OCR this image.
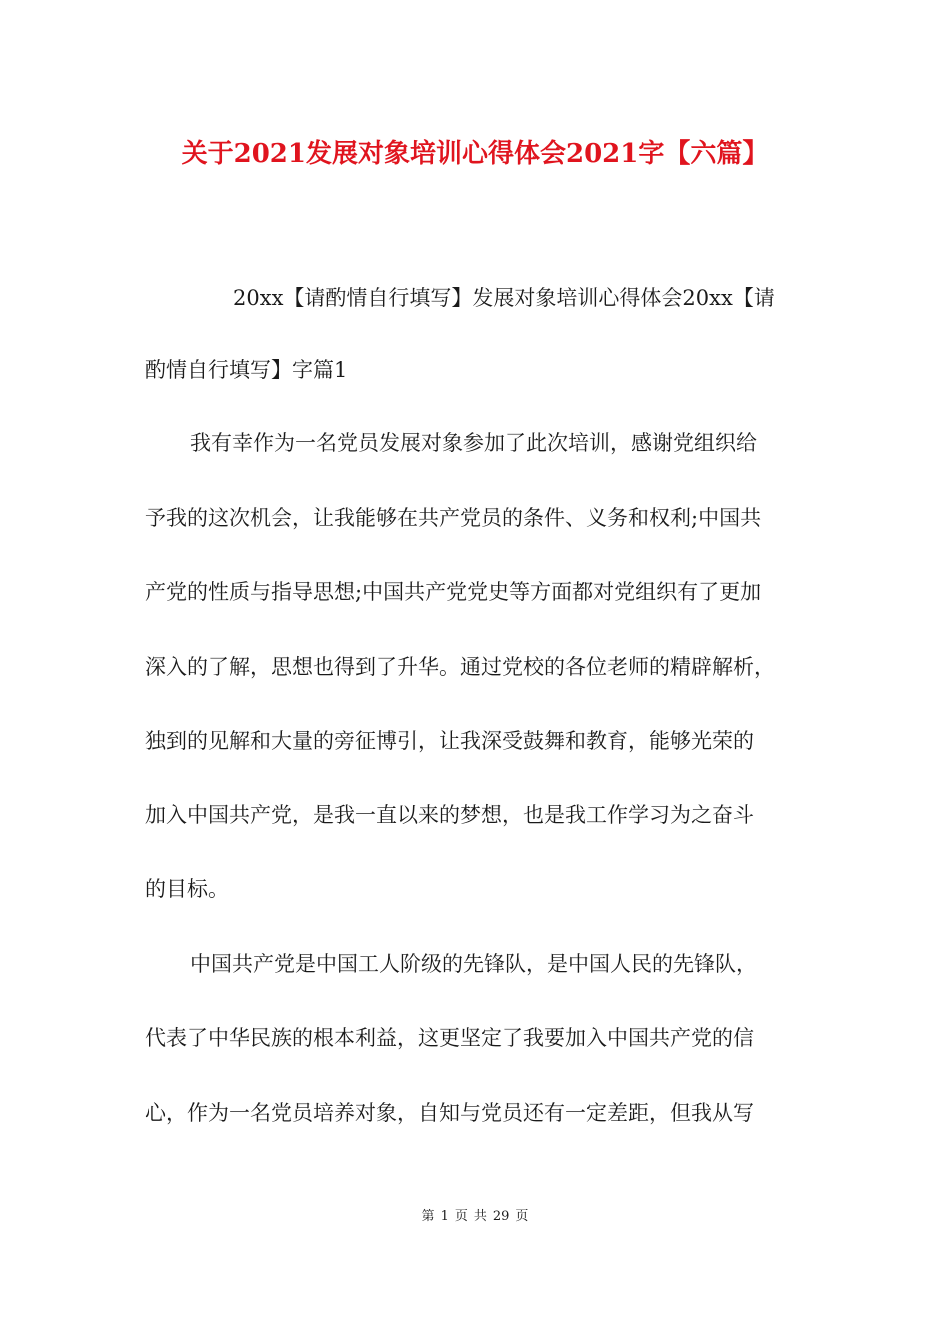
关于2021发展对象培训心得体会2021字【六篇】
20xx【请酌情自行填写】发展对象培训心得体会20xx【请
酌情自行填写】字篇1
我有幸作为一名党员发展对象参加了此次培训，感谢党组织给
予我的这次机会，让我能够在共产党员的条件、义务和权利;中国共
产党的性质与指导思想;中国共产党党史等方面都对党组织有了更加
深入的了解，思想也得到了升华。通过党校的各位老师的精辟解析，
独到的见解和大量的旁征博引，让我深受鼓舞和教育，能够光荣的
加入中国共产党，是我一直以来的梦想，也是我工作学习为之奋斗
的目标。
中国共产党是中国工人阶级的先锋队，是中国人民的先锋队，
代表了中华民族的根本利益，这更坚定了我要加入中国共产党的信
心，作为一名党员培养对象，自知与党员还有一定差距，但我从写
第 1 页 共 29 页
